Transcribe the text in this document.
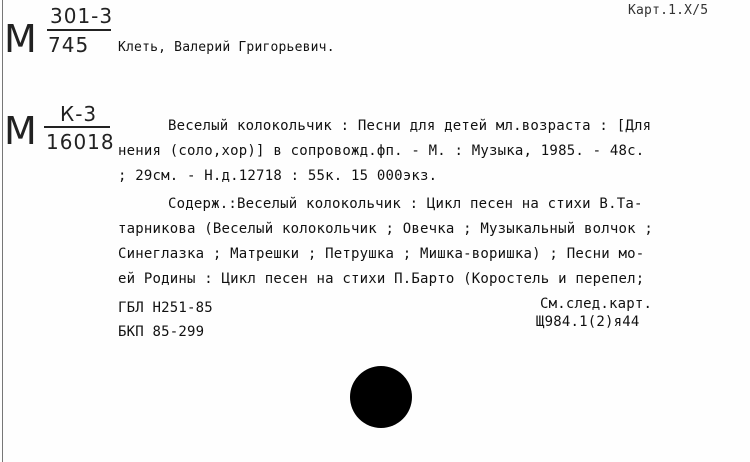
М
301-3
745
Карт.1.Х/5
Клеть, Валерий Григорьевич.
М К-3
16018
Веселый колокольчик : Песни для детей мл.возраста : [Для
нения (соло,хор)] в сопровожд.фп. - М. : Музыка, 1985. - 48с.
; 29см. - Н.д.12718 : 55к. 15 000экз.
Содерж.:Веселый колокольчик : Цикл песен на стихи В.Та-
тарникова (Веселый колокольчик ; Овечка ; Музыкальный волчок ;
Синеглазка ; Матрешки ; Петрушка ; Мишка-воришка) ; Песни мо-
ей Родины : Цикл песен на стихи П.Барто (Коростель и перепел;
См.след.карт.
ГБЛ Н251-85
БКП 85-299
Щ984.1(2)я44
